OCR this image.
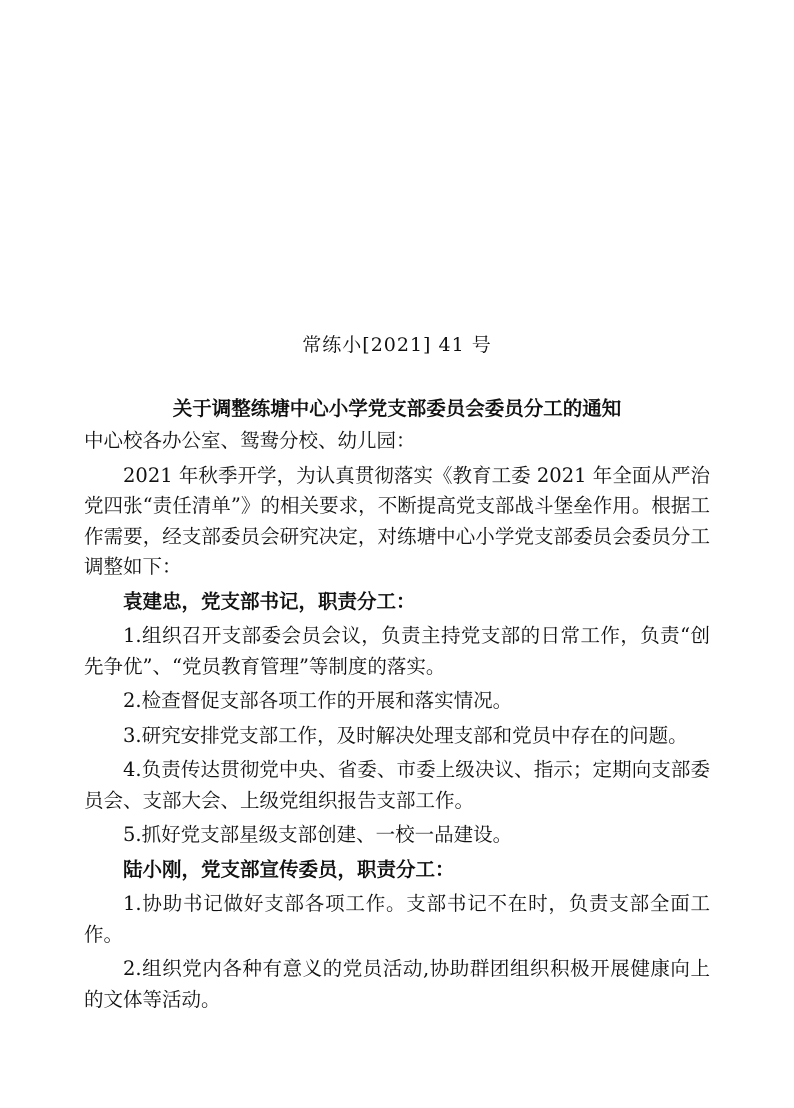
常练小[2021] 41 号
关于调整练塘中心小学党支部委员会委员分工的通知

中心校各办公室、鸳鸯分校、幼儿园：

2021 年秋季开学，为认真贯彻落实《教育工委 2021 年全面从严治党四张“责任清单”》的相关要求，不断提高党支部战斗堡垒作用。根据工作需要，经支部委员会研究决定，对练塘中心小学党支部委员会委员分工调整如下：

袁建忠，党支部书记，职责分工：

1.组织召开支部委会员会议，负责主持党支部的日常工作，负责“创先争优”、“党员教育管理”等制度的落实。

2.检查督促支部各项工作的开展和落实情况。

3.研究安排党支部工作，及时解决处理支部和党员中存在的问题。

4.负责传达贯彻党中央、省委、市委上级决议、指示；定期向支部委员会、支部大会、上级党组织报告支部工作。

5.抓好党支部星级支部创建、一校一品建设。

陆小刚，党支部宣传委员，职责分工：

1.协助书记做好支部各项工作。支部书记不在时，负责支部全面工作。

2.组织党内各种有意义的党员活动,协助群团组织积极开展健康向上的文体等活动。
